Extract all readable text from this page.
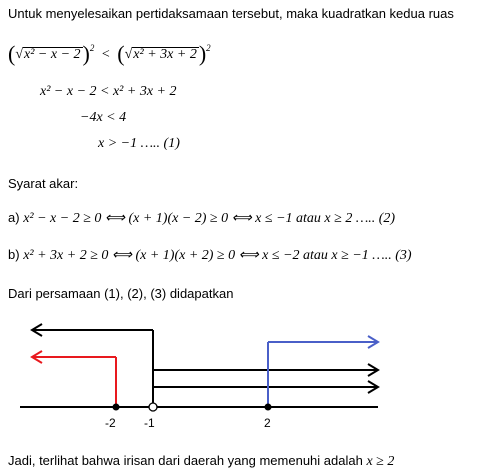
Untuk menyelesaikan pertidaksamaan tersebut, maka kuadratkan kedua ruas
$(√x^2 - x - 2)^2 < (√x^2 + 3x + 2)^2$
x² − x − 2 < x² + 3x + 2
−4x < 4
x > −1 ….. (1)
Syarat akar:
a) x² − x − 2 ≥ 0 ⟺ (x + 1)(x − 2) ≥ 0 ⟺ x ≤ −1 atau x ≥ 2 ….. (2)
b) x² + 3x + 2 ≥ 0 ⟺ (x + 1)(x + 2) ≥ 0 ⟺ x ≤ −2 atau x ≥ −1 ….. (3)
Dari persamaan (1), (2), (3) didapatkan
-2 -1	2
Jadi, terlihat bahwa irisan dari daerah yang memenuhi adalah x ≥ 2
